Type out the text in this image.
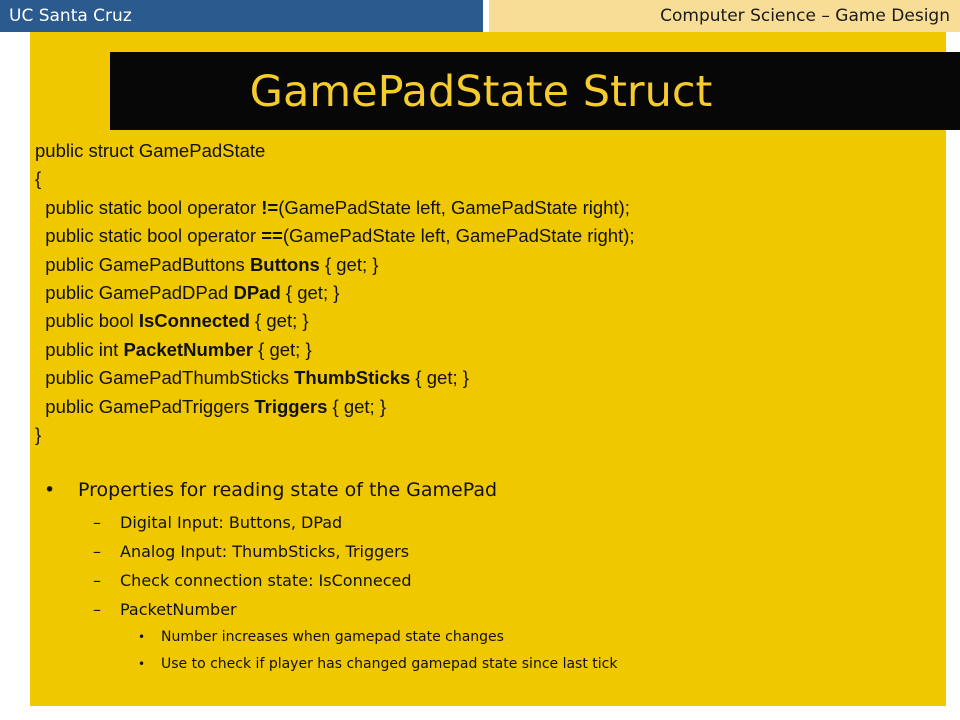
UC Santa Cruz	Computer Science – Game Design
GamePadState Struct
public struct GamePadState
{
public static bool operator !=(GamePadState left, GamePadState right);
public static bool operator ==(GamePadState left, GamePadState right);
public GamePadButtons Buttons { get; }
public GamePadDPad DPad { get; }
public bool IsConnected { get; }
public int PacketNumber { get; }
public GamePadThumbSticks ThumbSticks { get; }
public GamePadTriggers Triggers { get; }
}
• Properties for reading state of the GamePad
– Digital Input: Buttons, DPad
– Analog Input: ThumbSticks, Triggers
– Check connection state: IsConneced
– PacketNumber
• Number increases when gamepad state changes
• Use to check if player has changed gamepad state since last tick
